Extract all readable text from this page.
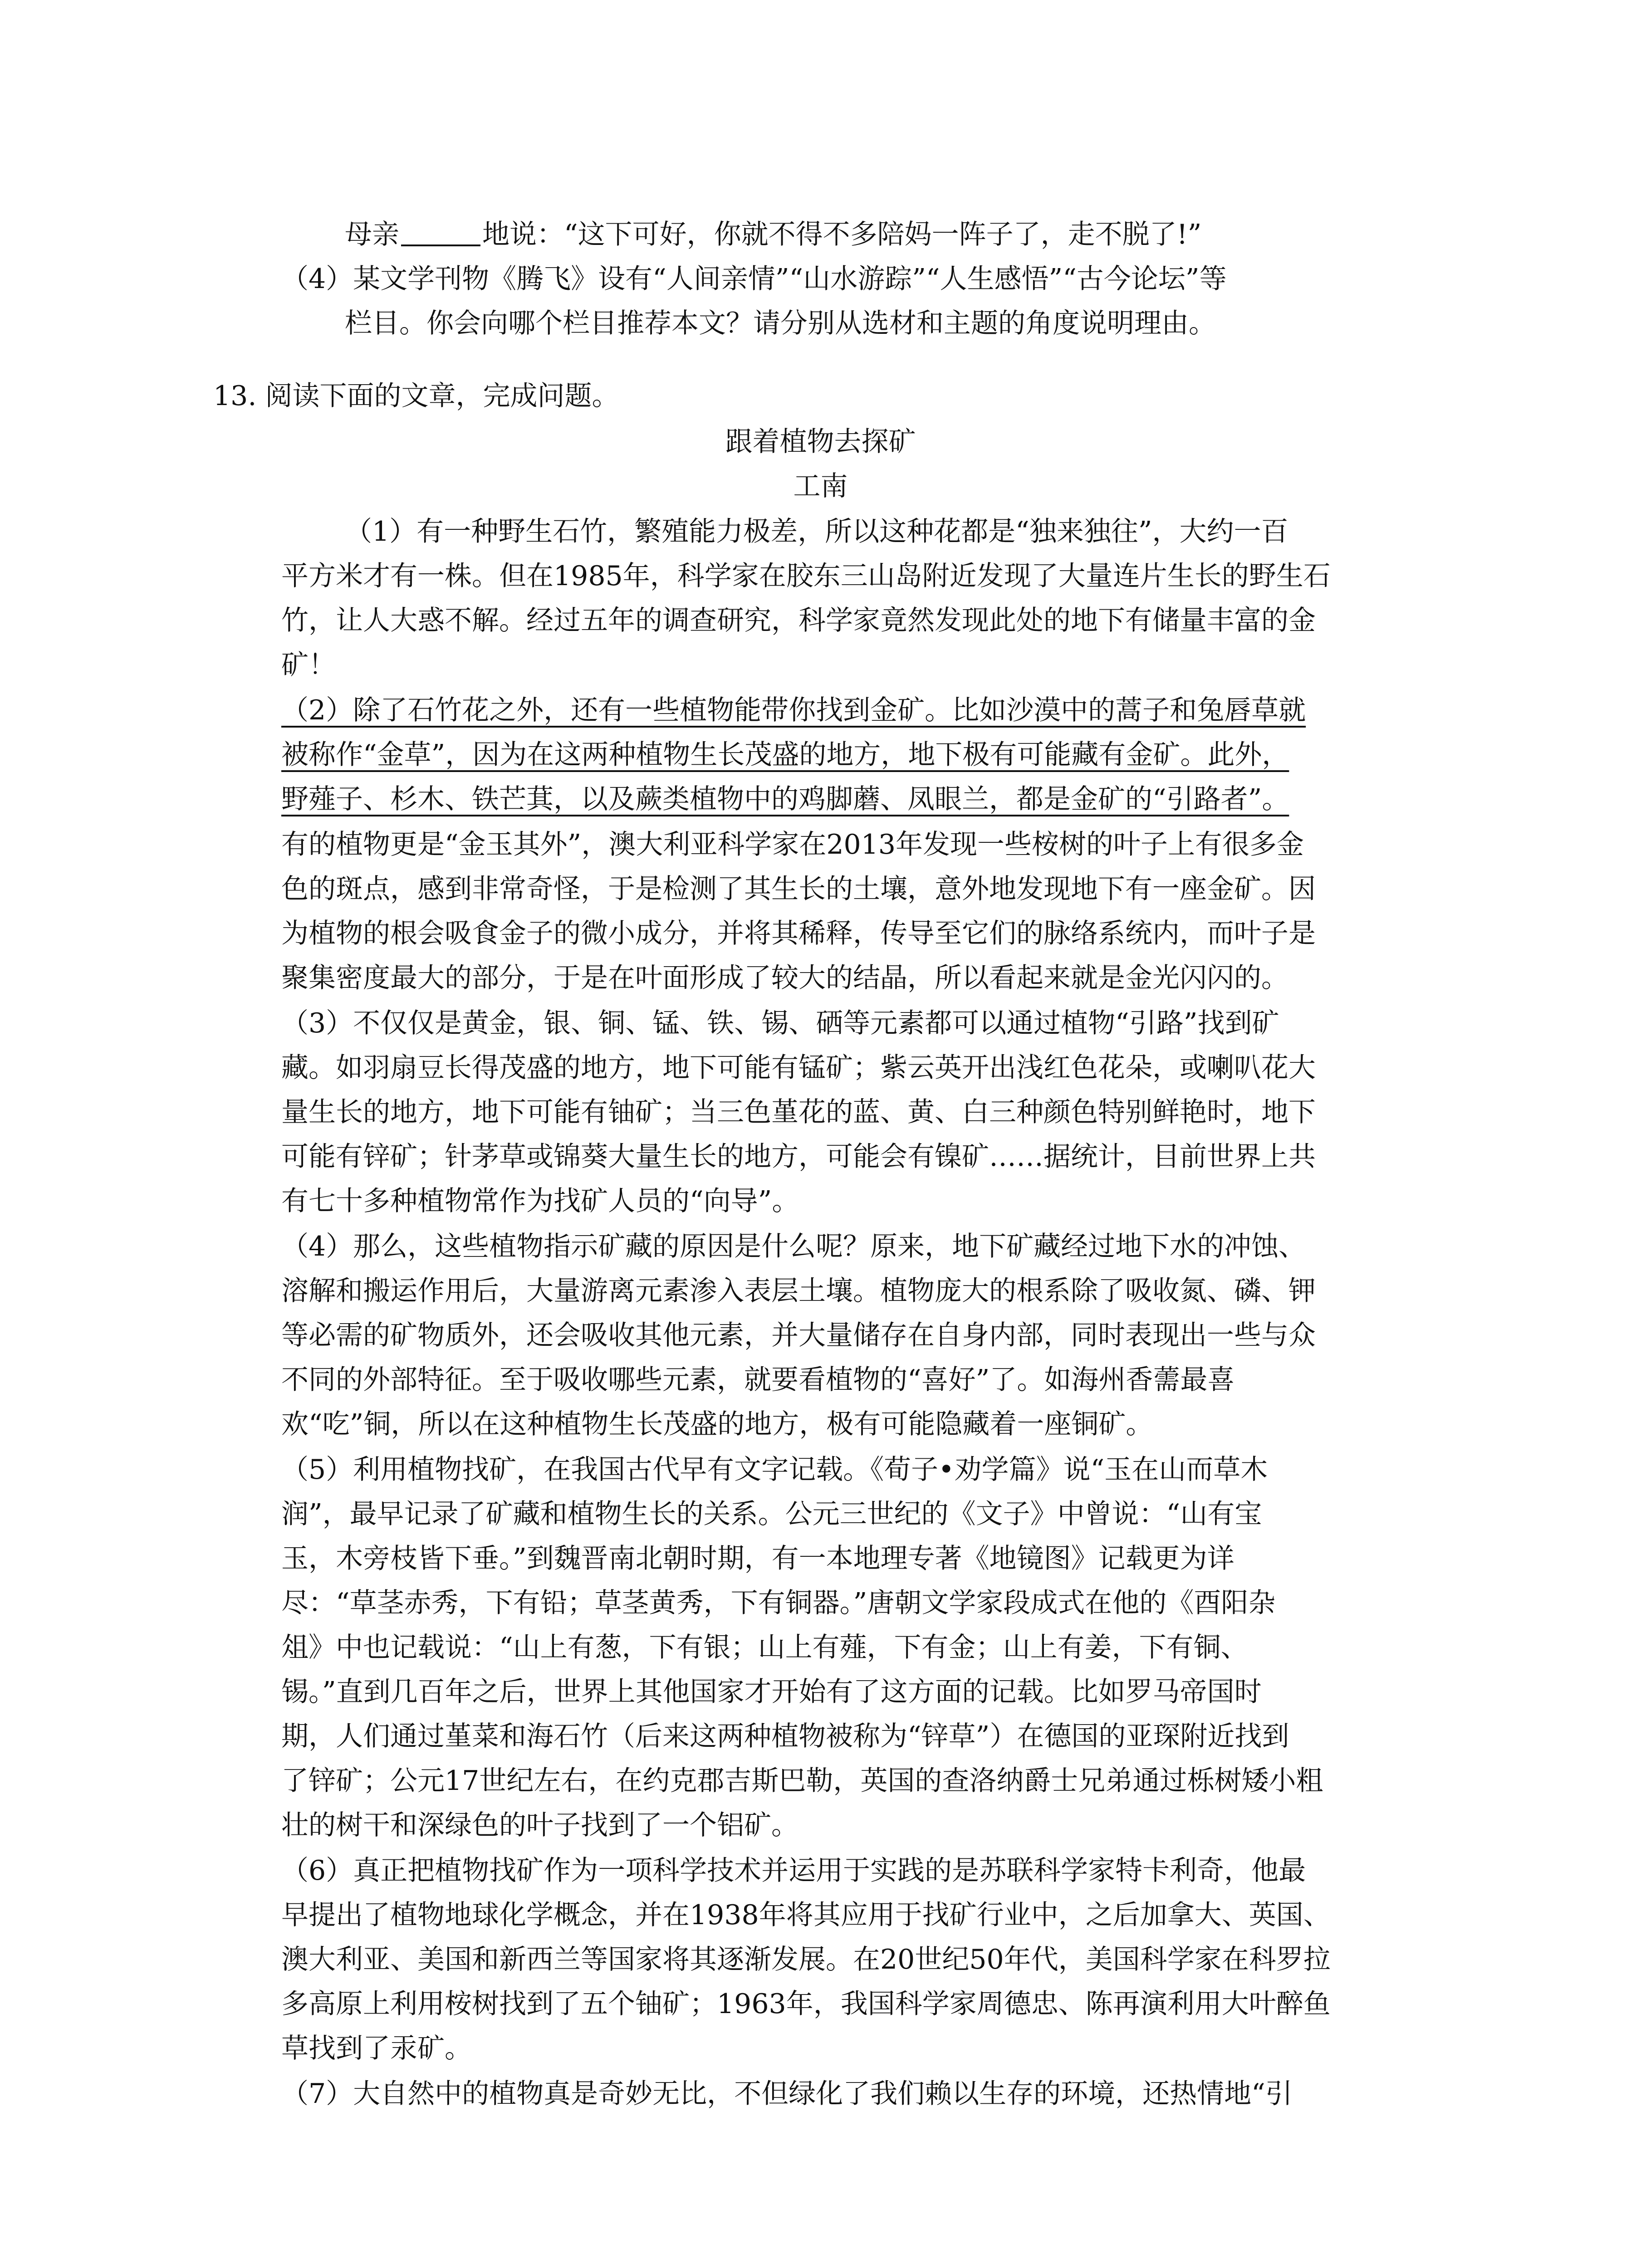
母亲	地说：“这下可好，你就不得不多陪妈一阵子了，走不脱了!”
（4）某文学刊物《腾飞》设有“人间亲情”“山水游踪”“人生感悟”“古今论坛”等
栏目。你会向哪个栏目推荐本文？请分别从选材和主题的角度说明理由。
13. 阅读下面的文章，完成问题。
跟着植物去探矿
工南
（1）有一种野生石竹，繁殖能力极差，所以这种花都是“独来独往”，大约一百
平方米才有一株。但在1985年，科学家在胶东三山岛附近发现了大量连片生长的野生石
竹，让人大惑不解。经过五年的调查研究，科学家竟然发现此处的地下有储量丰富的金
矿！
（2）除了石竹花之外，还有一些植物能带你找到金矿。比如沙漠中的蒿子和兔唇草就
被称作“金草”，因为在这两种植物生长茂盛的地方，地下极有可能藏有金矿。此外，
野薤子、杉木、铁芒萁，以及蕨类植物中的鸡脚蘑、凤眼兰，都是金矿的“引路者”。
有的植物更是“金玉其外”，澳大利亚科学家在2013年发现一些桉树的叶子上有很多金
色的斑点，感到非常奇怪，于是检测了其生长的土壤，意外地发现地下有一座金矿。因
为植物的根会吸食金子的微小成分，并将其稀释，传导至它们的脉络系统内，而叶子是
聚集密度最大的部分，于是在叶面形成了较大的结晶，所以看起来就是金光闪闪的。
（3）不仅仅是黄金，银、铜、锰、铁、锡、硒等元素都可以通过植物“引路”找到矿
藏。如羽扇豆长得茂盛的地方，地下可能有锰矿；紫云英开出浅红色花朵，或喇叭花大
量生长的地方，地下可能有铀矿；当三色堇花的蓝、黄、白三种颜色特别鲜艳时，地下
可能有锌矿；针茅草或锦葵大量生长的地方，可能会有镍矿……据统计，目前世界上共
有七十多种植物常作为找矿人员的“向导”。
（4）那么，这些植物指示矿藏的原因是什么呢？原来，地下矿藏经过地下水的冲蚀、
溶解和搬运作用后，大量游离元素渗入表层土壤。植物庞大的根系除了吸收氮、磷、钾
等必需的矿物质外，还会吸收其他元素，并大量储存在自身内部，同时表现出一些与众
不同的外部特征。至于吸收哪些元素，就要看植物的“喜好”了。如海州香薷最喜
欢“吃”铜，所以在这种植物生长茂盛的地方，极有可能隐藏着一座铜矿。
（5）利用植物找矿，在我国古代早有文字记载。《荀子•劝学篇》说“玉在山而草木
润”，最早记录了矿藏和植物生长的关系。公元三世纪的《文子》中曾说：“山有宝
玉，木旁枝皆下垂。”到魏晋南北朝时期，有一本地理专著《地镜图》记载更为详
尽：“草茎赤秀，下有铅；草茎黄秀，下有铜器。”唐朝文学家段成式在他的《酉阳杂
俎》中也记载说：“山上有葱，下有银；山上有薤，下有金；山上有姜，下有铜、
锡。”直到几百年之后，世界上其他国家才开始有了这方面的记载。比如罗马帝国时
期，人们通过堇菜和海石竹（后来这两种植物被称为“锌草”）在德国的亚琛附近找到
了锌矿；公元17世纪左右，在约克郡吉斯巴勒，英国的查洛纳爵士兄弟通过栎树矮小粗
壮的树干和深绿色的叶子找到了一个铝矿。
（6）真正把植物找矿作为一项科学技术并运用于实践的是苏联科学家特卡利奇，他最
早提出了植物地球化学概念，并在1938年将其应用于找矿行业中，之后加拿大、英国、
澳大利亚、美国和新西兰等国家将其逐渐发展。在20世纪50年代，美国科学家在科罗拉
多高原上利用桉树找到了五个铀矿；1963年，我国科学家周德忠、陈再演利用大叶醉鱼
草找到了汞矿。
（7）大自然中的植物真是奇妙无比，不但绿化了我们赖以生存的环境，还热情地“引
